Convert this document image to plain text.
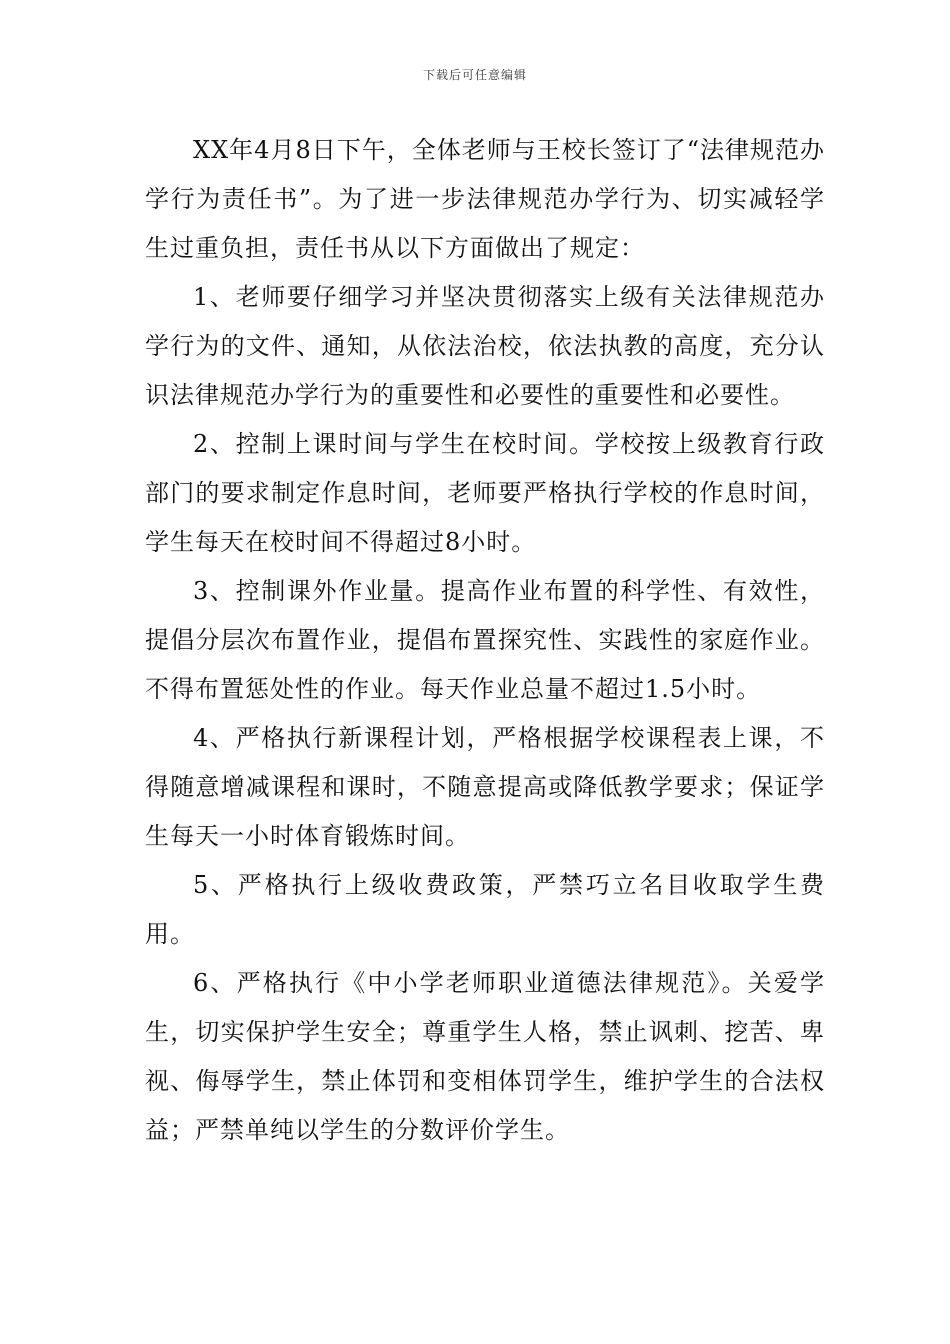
下载后可任意编辑

XX年4月8日下午，全体老师与王校长签订了“法律规范办学行为责任书”。为了进一步法律规范办学行为、切实减轻学生过重负担，责任书从以下方面做出了规定：

1、老师要仔细学习并坚决贯彻落实上级有关法律规范办学行为的文件、通知，从依法治校，依法执教的高度，充分认识法律规范办学行为的重要性和必要性的重要性和必要性。

2、控制上课时间与学生在校时间。学校按上级教育行政部门的要求制定作息时间，老师要严格执行学校的作息时间，学生每天在校时间不得超过8小时。

3、控制课外作业量。提高作业布置的科学性、有效性，提倡分层次布置作业，提倡布置探究性、实践性的家庭作业。不得布置惩处性的作业。每天作业总量不超过1.5小时。

4、严格执行新课程计划，严格根据学校课程表上课，不得随意增减课程和课时，不随意提高或降低教学要求；保证学生每天一小时体育锻炼时间。

5、严格执行上级收费政策，严禁巧立名目收取学生费用。

6、严格执行《中小学老师职业道德法律规范》。关爱学生，切实保护学生安全；尊重学生人格，禁止讽刺、挖苦、卑视、侮辱学生，禁止体罚和变相体罚学生，维护学生的合法权益；严禁单纯以学生的分数评价学生。
